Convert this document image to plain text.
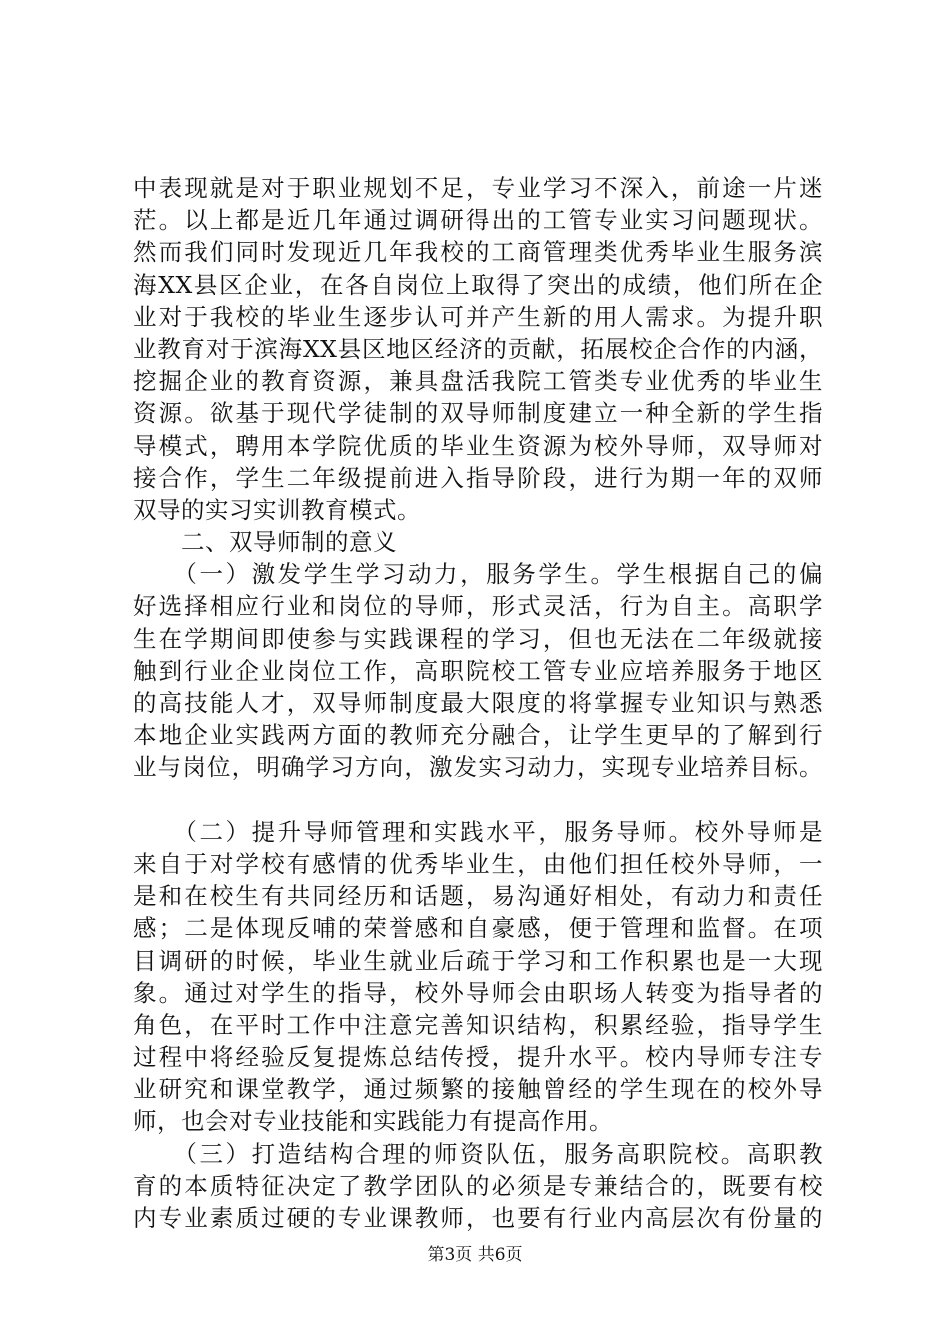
中表现就是对于职业规划不足，专业学习不深入，前途一片迷
茫。以上都是近几年通过调研得出的工管专业实习问题现状。
然而我们同时发现近几年我校的工商管理类优秀毕业生服务滨
海XX县区企业，在各自岗位上取得了突出的成绩，他们所在企
业对于我校的毕业生逐步认可并产生新的用人需求。为提升职
业教育对于滨海XX县区地区经济的贡献，拓展校企合作的内涵，
挖掘企业的教育资源，兼具盘活我院工管类专业优秀的毕业生
资源。欲基于现代学徒制的双导师制度建立一种全新的学生指
导模式，聘用本学院优质的毕业生资源为校外导师，双导师对
接合作，学生二年级提前进入指导阶段，进行为期一年的双师
双导的实习实训教育模式。
　　二、双导师制的意义
　　（一）激发学生学习动力，服务学生。学生根据自己的偏
好选择相应行业和岗位的导师，形式灵活，行为自主。高职学
生在学期间即使参与实践课程的学习，但也无法在二年级就接
触到行业企业岗位工作，高职院校工管专业应培养服务于地区
的高技能人才，双导师制度最大限度的将掌握专业知识与熟悉
本地企业实践两方面的教师充分融合，让学生更早的了解到行
业与岗位，明确学习方向，激发实习动力，实现专业培养目标。
　　（二）提升导师管理和实践水平，服务导师。校外导师是
来自于对学校有感情的优秀毕业生，由他们担任校外导师，一
是和在校生有共同经历和话题，易沟通好相处，有动力和责任
感；二是体现反哺的荣誉感和自豪感，便于管理和监督。在项
目调研的时候，毕业生就业后疏于学习和工作积累也是一大现
象。通过对学生的指导，校外导师会由职场人转变为指导者的
角色，在平时工作中注意完善知识结构，积累经验，指导学生
过程中将经验反复提炼总结传授，提升水平。校内导师专注专
业研究和课堂教学，通过频繁的接触曾经的学生现在的校外导
师，也会对专业技能和实践能力有提高作用。
　　（三）打造结构合理的师资队伍，服务高职院校。高职教
育的本质特征决定了教学团队的必须是专兼结合的，既要有校
内专业素质过硬的专业课教师，也要有行业内高层次有份量的
第3页 共6页
